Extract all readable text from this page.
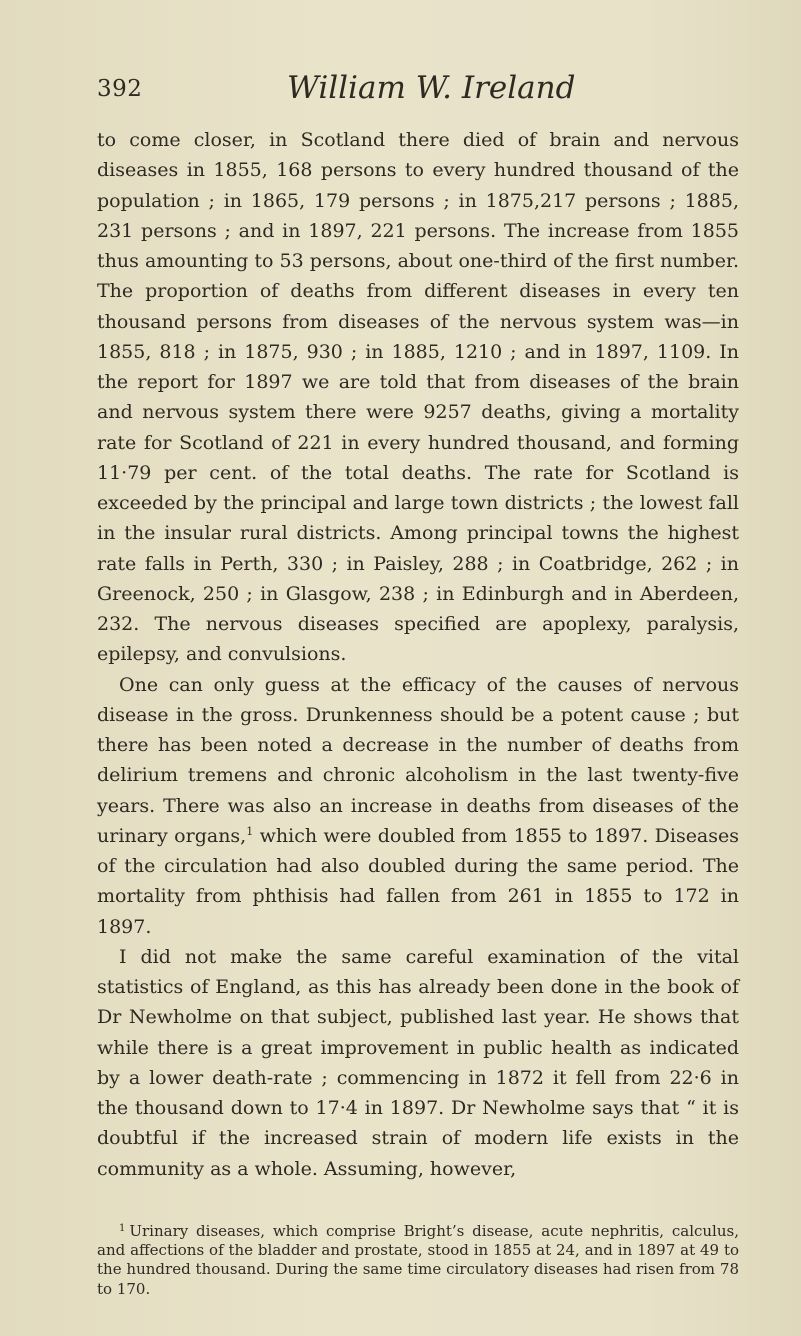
392	William W. Ireland

to come closer, in Scotland there died of brain and nervous diseases in 1855, 168 persons to every hundred thousand of the population ; in 1865, 179 persons ; in 1875,217 persons ; 1885, 231 persons ; and in 1897, 221 persons. The increase from 1855 thus amounting to 53 persons, about one-third of the first number. The proportion of deaths from different diseases in every ten thousand persons from diseases of the nervous system was—in 1855, 818 ; in 1875, 930 ; in 1885, 1210 ; and in 1897, 1109. In the report for 1897 we are told that from diseases of the brain and nervous system there were 9257 deaths, giving a mortality rate for Scotland of 221 in every hundred thousand, and forming 11·79 per cent. of the total deaths. The rate for Scotland is exceeded by the principal and large town districts ; the lowest fall in the insular rural districts. Among principal towns the highest rate falls in Perth, 330 ; in Paisley, 288 ; in Coatbridge, 262 ; in Greenock, 250 ; in Glasgow, 238 ; in Edinburgh and in Aberdeen, 232. The nervous diseases specified are apoplexy, paralysis, epilepsy, and convulsions.

One can only guess at the efficacy of the causes of nervous disease in the gross. Drunkenness should be a potent cause ; but there has been noted a decrease in the number of deaths from delirium tremens and chronic alcoholism in the last twenty-five years. There was also an increase in deaths from diseases of the urinary organs,$^1$ which were doubled from 1855 to 1897. Diseases of the circulation had also doubled during the same period. The mortality from phthisis had fallen from 261 in 1855 to 172 in 1897.

I did not make the same careful examination of the vital statistics of England, as this has already been done in the book of Dr Newholme on that subject, published last year. He shows that while there is a great improvement in public health as indicated by a lower death-rate ; commencing in 1872 it fell from 22·6 in the thousand down to 17·4 in 1897. Dr Newholme says that “ it is doubtful if the increased strain of modern life exists in the community as a whole. Assuming, however,

$^1$ Urinary diseases, which comprise Bright’s disease, acute nephritis, calculus, and affections of the bladder and prostate, stood in 1855 at 24, and in 1897 at 49 to the hundred thousand. During the same time circulatory diseases had risen from 78 to 170.
